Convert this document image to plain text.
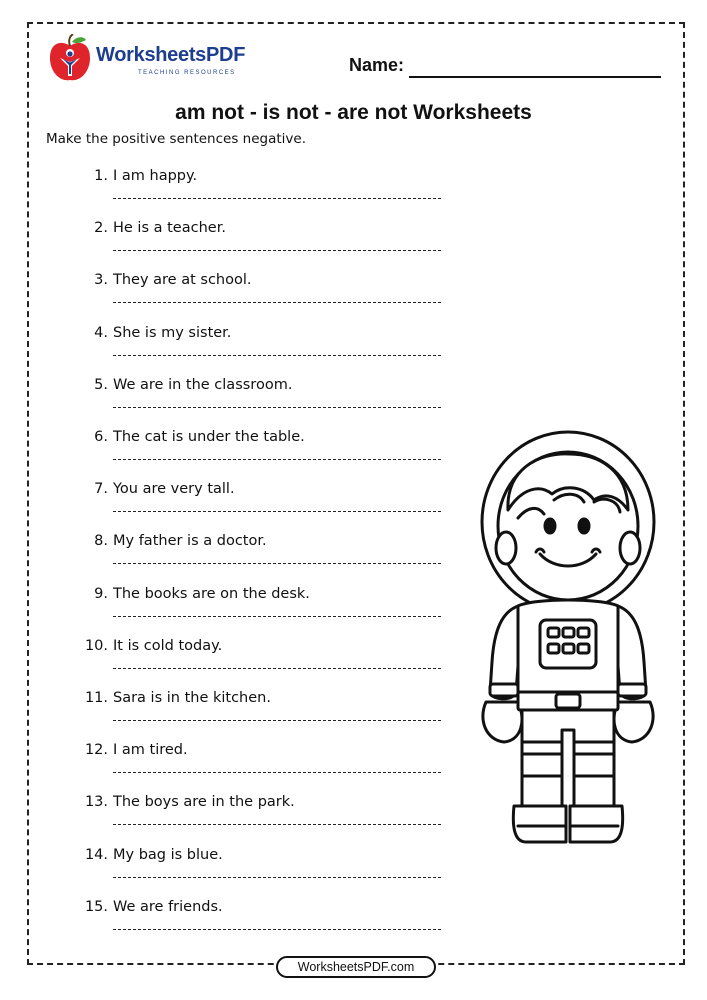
WorksheetsPDF
TEACHING RESOURCES	Name:
am not - is not - are not Worksheets
Make the positive sentences negative.
1. I am happy.
2. He is a teacher.
3. They are at school.
4. She is my sister.
5. We are in the classroom.
6. The cat is under the table.
7. You are very tall.
8. My father is a doctor.
9. The books are on the desk.
10. It is cold today.
11. Sara is in the kitchen.
12. I am tired.
13. The boys are in the park.
14. My bag is blue.
15. We are friends.
WorksheetsPDF.com
